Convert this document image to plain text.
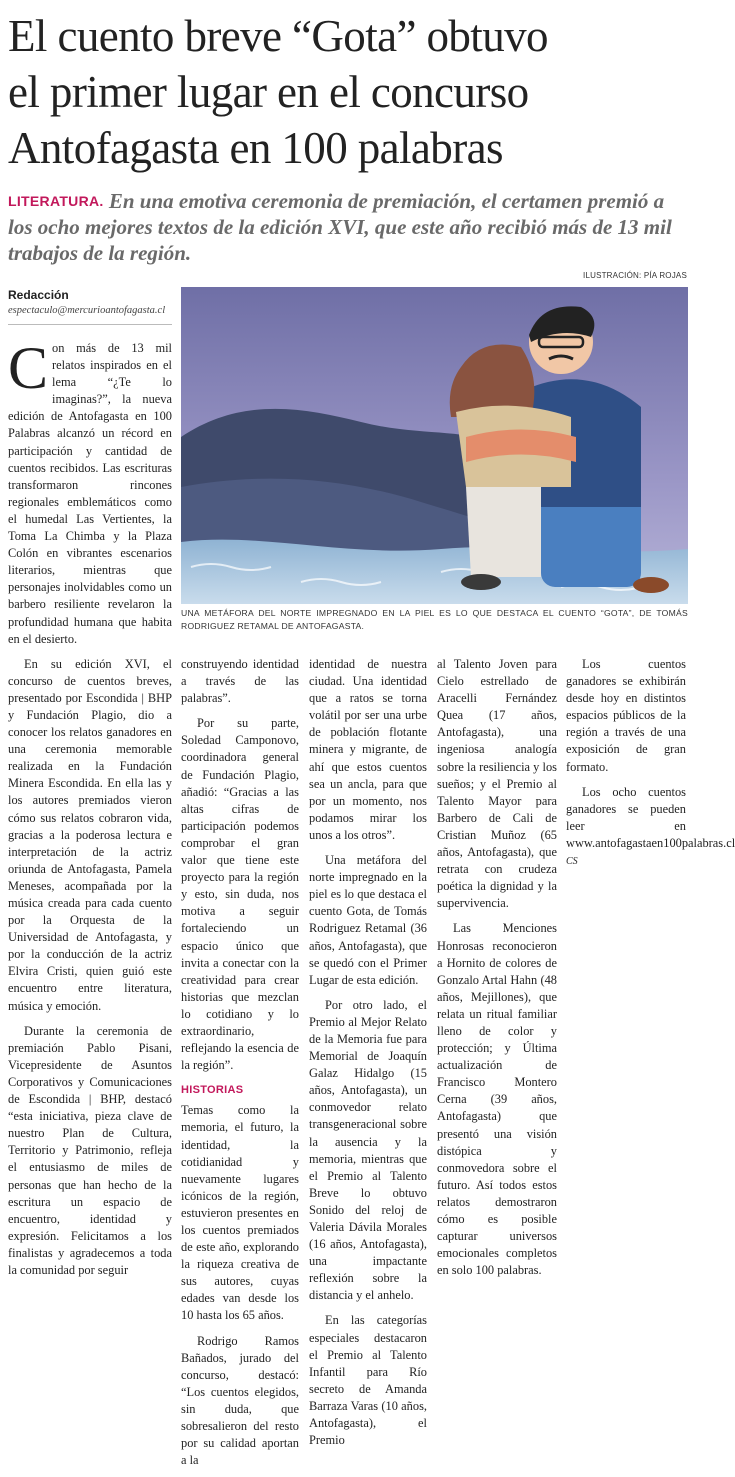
El cuento breve “Gota” obtuvo
el primer lugar en el concurso
Antofagasta en 100 palabras
LITERATURA. En una emotiva ceremonia de premiación, el certamen premió a los ocho mejores textos de la edición XVI, que este año recibió más de 13 mil trabajos de la región.
ILUSTRACIÓN: PÍA ROJAS
Redacción
espectaculo@mercurioantofagasta.cl
UNA METÁFORA DEL NORTE IMPREGNADO EN LA PIEL ES LO QUE DESTACA EL CUENTO “GOTA”, DE TOMÁS RODRIGUEZ RETAMAL DE ANTOFAGASTA.

Con más de 13 mil relatos inspirados en el lema “¿Te lo imaginas?”, la nueva edición de Antofagasta en 100 Palabras alcanzó un récord en participación y cantidad de cuentos recibidos. Las escrituras transformaron rincones regionales emblemáticos como el humedal Las Vertientes, la Toma La Chimba y la Plaza Colón en vibrantes escenarios literarios, mientras que personajes inolvidables como un barbero resiliente revelaron la profundidad humana que habita en el desierto.

En su edición XVI, el concurso de cuentos breves, presentado por Escondida | BHP y Fundación Plagio, dio a conocer los relatos ganadores en una ceremonia memorable realizada en la Fundación Minera Escondida. En ella las y los autores premiados vieron cómo sus relatos cobraron vida, gracias a la poderosa lectura e interpretación de la actriz oriunda de Antofagasta, Pamela Meneses, acompañada por la música creada para cada cuento por la Orquesta de la Universidad de Antofagasta, y por la conducción de la actriz Elvira Cristi, quien guió este encuentro entre literatura, música y emoción.

Durante la ceremonia de premiación Pablo Pisani, Vicepresidente de Asuntos Corporativos y Comunicaciones de Escondida | BHP, destacó “esta iniciativa, pieza clave de nuestro Plan de Cultura, Territorio y Patrimonio, refleja el entusiasmo de miles de personas que han hecho de la escritura un espacio de encuentro, identidad y expresión. Felicitamos a los finalistas y agradecemos a toda la comunidad por seguir

construyendo identidad a través de las palabras”.

Por su parte, Soledad Camponovo, coordinadora general de Fundación Plagio, añadió: “Gracias a las altas cifras de participación podemos comprobar el gran valor que tiene este proyecto para la región y esto, sin duda, nos motiva a seguir fortaleciendo un espacio único que invita a conectar con la creatividad para crear historias que mezclan lo cotidiano y lo extraordinario, reflejando la esencia de la región”.

HISTORIAS

Temas como la memoria, el futuro, la identidad, la cotidianidad y nuevamente lugares icónicos de la región, estuvieron presentes en los cuentos premiados de este año, explorando la riqueza creativa de sus autores, cuyas edades van desde los 10 hasta los 65 años.

Rodrigo Ramos Bañados, jurado del concurso, destacó: “Los cuentos elegidos, sin duda, que sobresalieron del resto por su calidad aportan a la

identidad de nuestra ciudad. Una identidad que a ratos se torna volátil por ser una urbe de población flotante minera y migrante, de ahí que estos cuentos sea un ancla, para que por un momento, nos podamos mirar los unos a los otros”.

Una metáfora del norte impregnado en la piel es lo que destaca el cuento Gota, de Tomás Rodriguez Retamal (36 años, Antofagasta), que se quedó con el Primer Lugar de esta edición.

Por otro lado, el Premio al Mejor Relato de la Memoria fue para Memorial de Joaquín Galaz Hidalgo (15 años, Antofagasta), un conmovedor relato transgeneracional sobre la ausencia y la memoria, mientras que el Premio al Talento Breve lo obtuvo Sonido del reloj de Valeria Dávila Morales (16 años, Antofagasta), una impactante reflexión sobre la distancia y el anhelo.

En las categorías especiales destacaron el Premio al Talento Infantil para Río secreto de Amanda Barraza Varas (10 años, Antofagasta), el Premio

al Talento Joven para Cielo estrellado de Aracelli Fernández Quea (17 años, Antofagasta), una ingeniosa analogía sobre la resiliencia y los sueños; y el Premio al Talento Mayor para Barbero de Cali de Cristian Muñoz (65 años, Antofagasta), que retrata con crudeza poética la dignidad y la supervivencia.

Las Menciones Honrosas reconocieron a Hornito de colores de Gonzalo Artal Hahn (48 años, Mejillones), que relata un ritual familiar lleno de color y protección; y Última actualización de Francisco Montero Cerna (39 años, Antofagasta) que presentó una visión distópica y conmovedora sobre el futuro. Así todos estos relatos demostraron cómo es posible capturar universos emocionales completos en solo 100 palabras.

Los cuentos ganadores se exhibirán desde hoy en distintos espacios públicos de la región a través de una exposición de gran formato.

Los ocho cuentos ganadores se pueden leer en www.antofagastaen100palabras.cl CS
